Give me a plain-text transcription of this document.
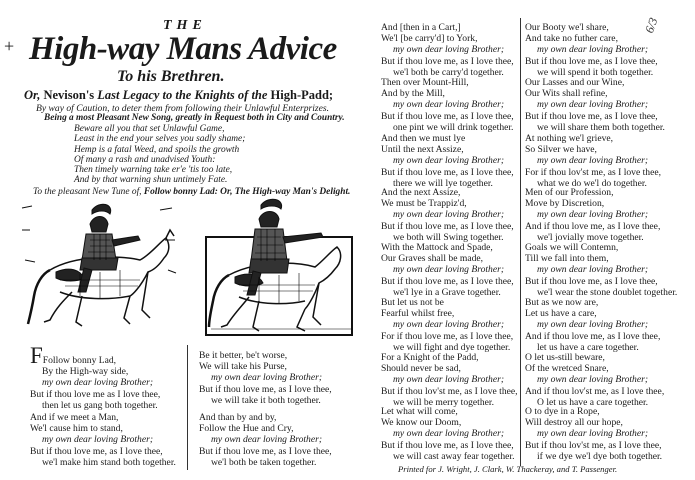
+
6/3
THE
High-way Mans Advice
To his Brethren.
Or, Nevison's Last Legacy to the Knights of the High-Padd;
By way of Caution, to deter them from following their Unlawful Enterprizes.
Being a most Pleasant New Song, greatly in Request both in City and Country.
Beware all you that set Unlawful Game,
Least in the end your selves you sadly shame;
Hemp is a fatal Weed, and spoils the growth
Of many a rash and unadvised Youth:
Then timely warning take er'e 'tis too late,
And by that warning shun untimely Fate.
To the pleasant New Tune of, Follow bonny Lad: Or, The High-way Man's Delight.
FFollow bonny Lad,
By the High-way side,
my own dear loving Brother;
But if thou love me as I love thee,
then let us gang both together.
And if we meet a Man,
We'l cause him to stand,
my own dear loving Brother;
But if thou love me, as I love thee,
we'l make him stand both together.
Be it better, be't worse,
We will take his Purse,
my own dear loving Brother;
But if thou love me, as I love thee,
we will take it both together.
And than by and by,
Follow the Hue and Cry,
my own dear loving Brother;
But if thou love me, as I love thee,
we'l both be taken together.
And [then in a Cart,]
We'l [be carry'd] to York,
my own dear loving Brother;
But if thou love me, as I love thee,
we'l both be carry'd together.
Then over Mount-Hill,
And by the Mill,
my own dear loving Brother;
But if thou love me, as I love thee,
one pint we will drink together.
And then we must lye
Until the next Assize,
my own dear loving Brother;
But if thou love me, as I love thee,
there we will lye together.
And the next Assize,
We must be Trappiz'd,
my own dear loving Brother;
But if thou love me, as I love thee,
we both will Swing together.
With the Mattock and Spade,
Our Graves shall be made,
my own dear loving Brother;
But if thou love me, as I love thee,
we'l lye in a Grave together.
But let us not be
Fearful whilst free,
my own dear loving Brother;
For if thou love me, as I love thee,
we will fight and dye together.
For a Knight of the Padd,
Should never be sad,
my own dear loving Brother;
But if thou lov'st me, as I love thee,
we will be merry together.
Let what will come,
We know our Doom,
my own dear loving Brother;
But if thou love me, as I love thee,
we will cast away fear together.
Our Booty we'l share,
And take no futher care,
my own dear loving Brother;
But if thou love me, as I love thee,
we will spend it both together.
Our Lasses and our Wine,
Our Wits shall refine,
my own dear loving Brother;
But if thou love me, as I love thee,
we will share them both together.
At nothing we'l grieve,
So Silver we have,
my own dear loving Brother;
For if thou lov'st me, as I love thee,
what we do we'l do together.
Men of our Profession,
Move by Discretion,
my own dear loving Brother;
And if thou love me, as I love thee,
we'l jovially move together.
Goals we will Contemn,
Till we fall into them,
my own dear loving Brother;
But if thou love me, as I love thee,
we'l wear the stone doublet together.
But as we now are,
Let us have a care,
my own dear loving Brother;
And if thou love me, as I love thee,
let us have a care together.
O let us-still beware,
Of the wretced Snare,
my own dear loving Brother;
And if thou lov'st me, as I love thee,
O let us have a care together.
O to dye in a Rope,
Will destroy all our hope,
my own dear loving Brother;
But if thou lov'st me, as I love thee,
if we dye we'l dye both together.
Printed for J. Wright, J. Clark, W. Thackeray, and T. Passenger.
